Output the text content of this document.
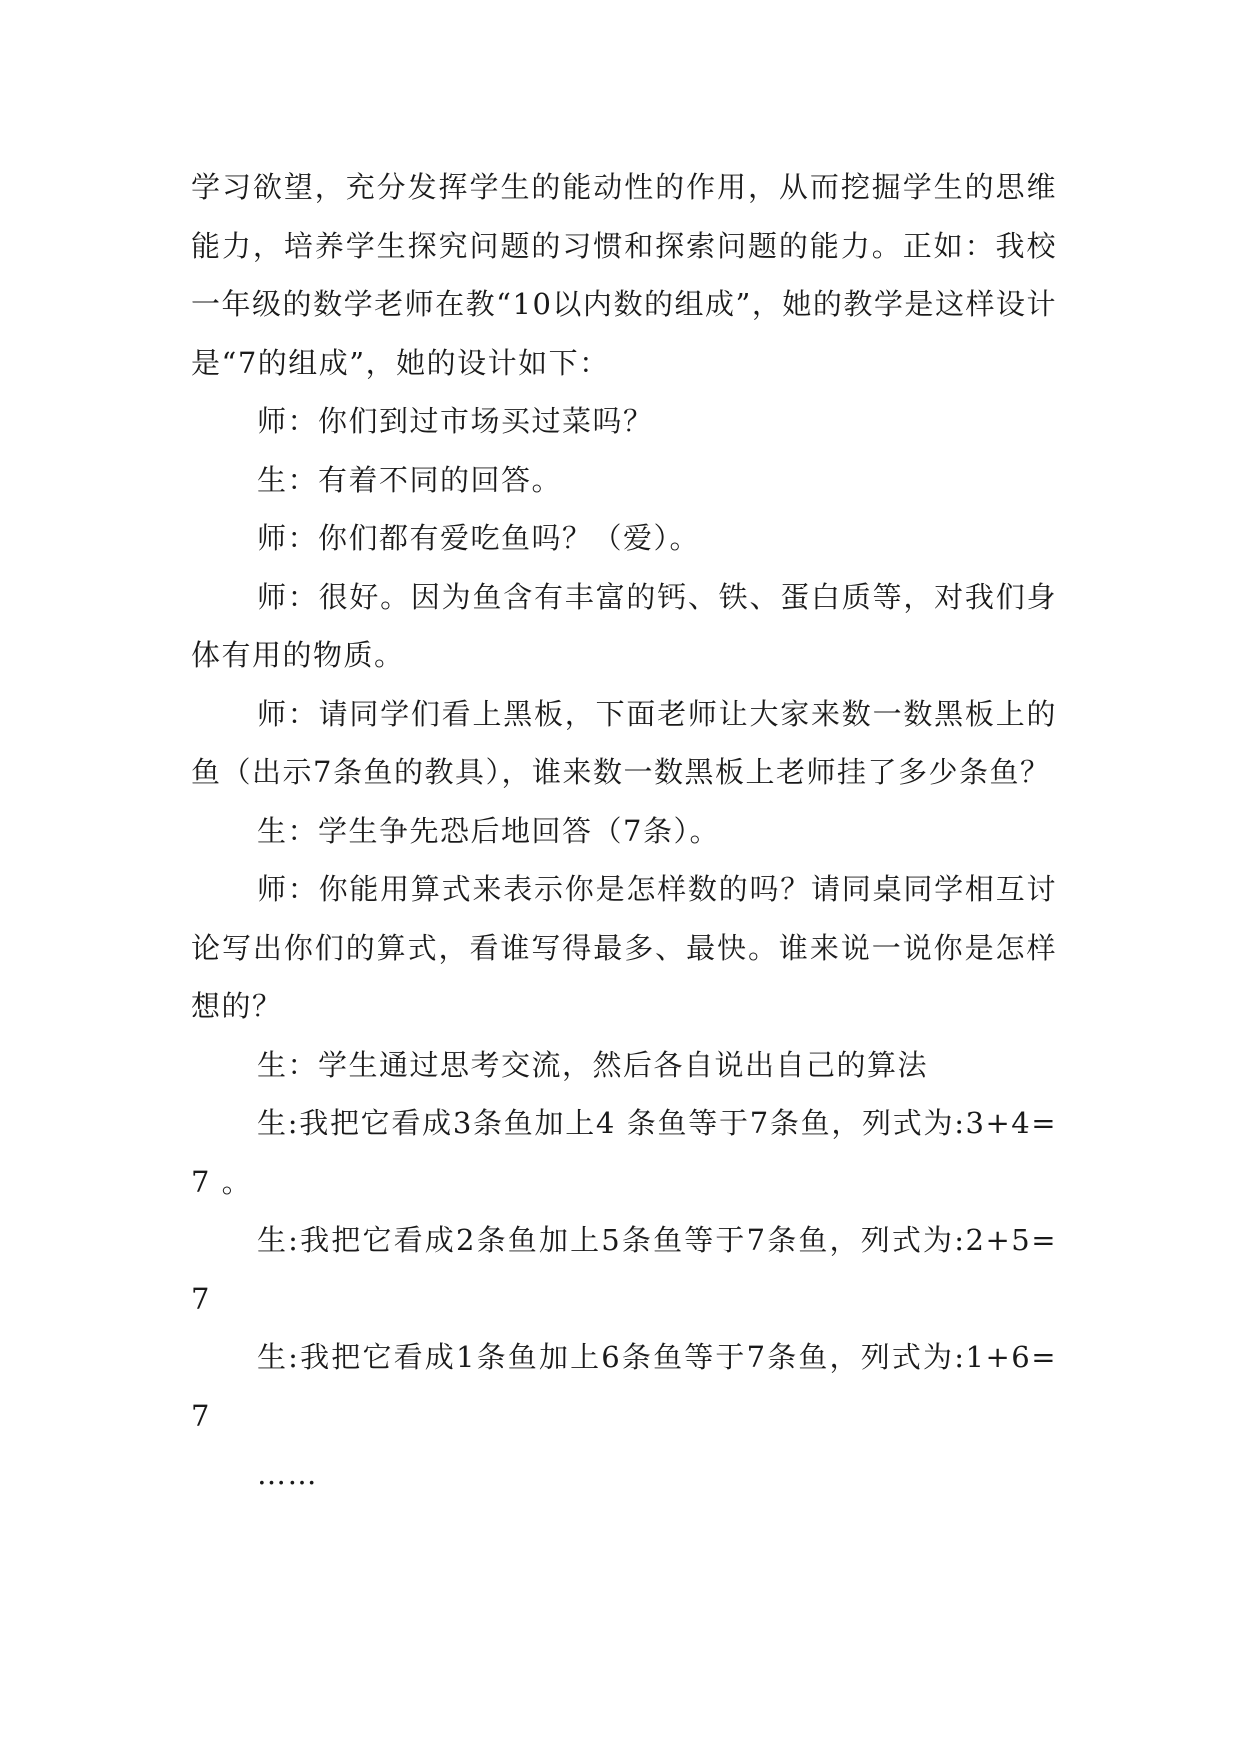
学习欲望，充分发挥学生的能动性的作用，从而挖掘学生的思维能力，培养学生探究问题的习惯和探索问题的能力。正如：我校一年级的数学老师在教“10以内数的组成”，她的教学是这样设计是“7的组成”，她的设计如下：

师：你们到过市场买过菜吗？

生：有着不同的回答。

师：你们都有爱吃鱼吗？（爱）。

师：很好。因为鱼含有丰富的钙、铁、蛋白质等，对我们身体有用的物质。

师：请同学们看上黑板，下面老师让大家来数一数黑板上的鱼（出示7条鱼的教具），谁来数一数黑板上老师挂了多少条鱼？

生：学生争先恐后地回答（7条）。

师：你能用算式来表示你是怎样数的吗？请同桌同学相互讨论写出你们的算式，看谁写得最多、最快。谁来说一说你是怎样想的？

生：学生通过思考交流，然后各自说出自己的算法

生:我把它看成3条鱼加上4 条鱼等于7条鱼，列式为:3+4=7 。

生:我把它看成2条鱼加上5条鱼等于7条鱼，列式为:2+5=7

生:我把它看成1条鱼加上6条鱼等于7条鱼，列式为:1+6=7

……
